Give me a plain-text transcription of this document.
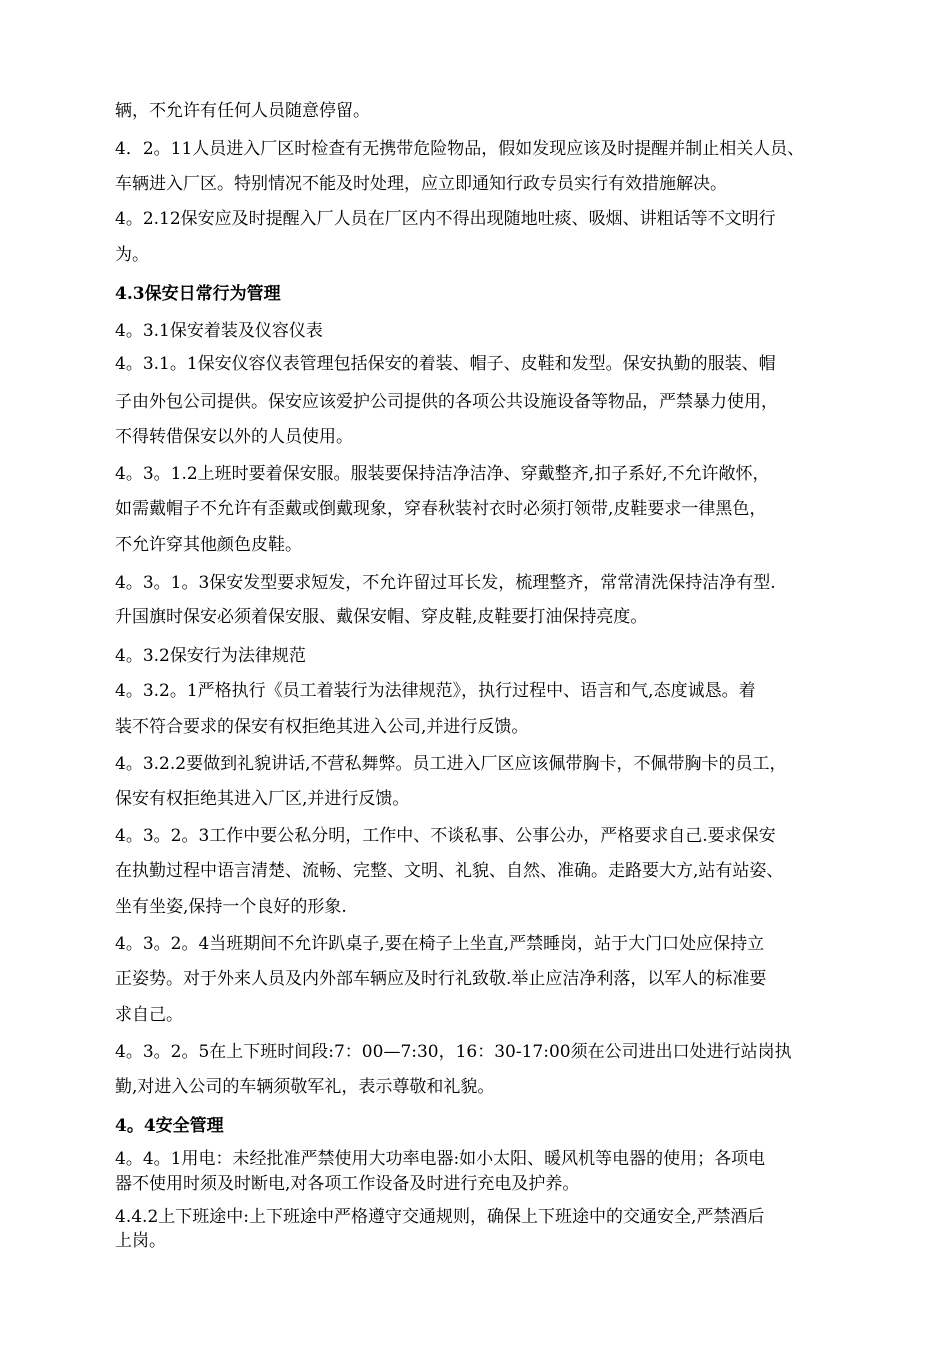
辆，不允许有任何人员随意停留。
4．2。11人员进入厂区时检查有无携带危险物品，假如发现应该及时提醒并制止相关人员、
车辆进入厂区。特别情况不能及时处理，应立即通知行政专员实行有效措施解决。
4。2.12保安应及时提醒入厂人员在厂区内不得出现随地吐痰、吸烟、讲粗话等不文明行
为。
4.3保安日常行为管理
4。3.1保安着装及仪容仪表
4。3.1。1保安仪容仪表管理包括保安的着装、帽子、皮鞋和发型。保安执勤的服装、帽
子由外包公司提供。保安应该爱护公司提供的各项公共设施设备等物品，严禁暴力使用，
不得转借保安以外的人员使用。
4。3。1.2上班时要着保安服。服装要保持洁净洁净、穿戴整齐,扣子系好,不允许敞怀，
如需戴帽子不允许有歪戴或倒戴现象，穿春秋装衬衣时必须打领带,皮鞋要求一律黑色，
不允许穿其他颜色皮鞋。
4。3。1。3保安发型要求短发，不允许留过耳长发，梳理整齐，常常清洗保持洁净有型.
升国旗时保安必须着保安服、戴保安帽、穿皮鞋,皮鞋要打油保持亮度。
4。3.2保安行为法律规范
4。3.2。1严格执行《员工着装行为法律规范》，执行过程中、语言和气,态度诚恳。着
装不符合要求的保安有权拒绝其进入公司,并进行反馈。
4。3.2.2要做到礼貌讲话,不营私舞弊。员工进入厂区应该佩带胸卡，不佩带胸卡的员工，
保安有权拒绝其进入厂区,并进行反馈。
4。3。2。3工作中要公私分明，工作中、不谈私事、公事公办，严格要求自己.要求保安
在执勤过程中语言清楚、流畅、完整、文明、礼貌、自然、准确。走路要大方,站有站姿、
坐有坐姿,保持一个良好的形象.
4。3。2。4当班期间不允许趴桌子,要在椅子上坐直,严禁睡岗，站于大门口处应保持立
正姿势。对于外来人员及内外部车辆应及时行礼致敬.举止应洁净利落，以军人的标准要
求自己。
4。3。2。5在上下班时间段:7：00—7:30，16：30-17:00须在公司进出口处进行站岗执
勤,对进入公司的车辆须敬军礼，表示尊敬和礼貌。
4。4安全管理
4。4。1用电：未经批准严禁使用大功率电器:如小太阳、暖风机等电器的使用；各项电
器不使用时须及时断电,对各项工作设备及时进行充电及护养。
4.4.2上下班途中:上下班途中严格遵守交通规则，确保上下班途中的交通安全,严禁酒后
上岗。
